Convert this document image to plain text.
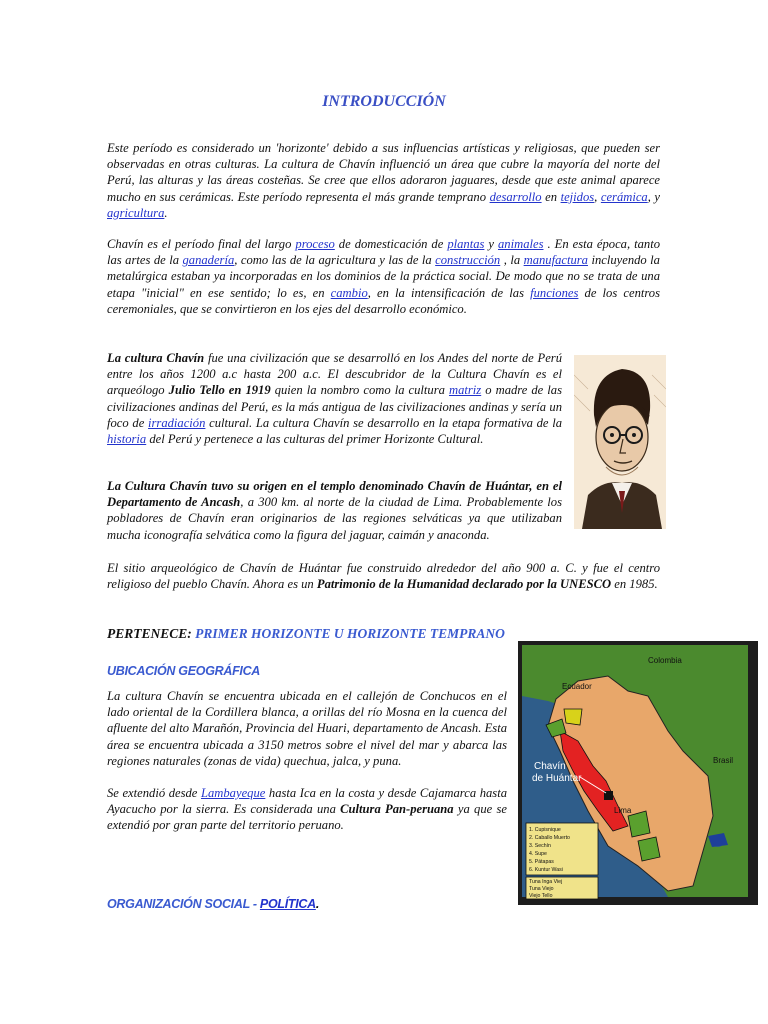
INTRODUCCIÓN
Este período es considerado un 'horizonte' debido a sus influencias artísticas y religiosas, que pueden ser observadas en otras culturas. La cultura de Chavín influenció un área que cubre la mayoría del norte del Perú, las alturas y las áreas costeñas. Se cree que ellos adoraron jaguares, desde que este animal aparece mucho en sus cerámicas. Este período representa el más grande temprano desarrollo en tejidos, cerámica, y agricultura.
Chavín es el período final del largo proceso de domesticación de plantas y animales . En esta época, tanto las artes de la ganadería, como las de la agricultura y las de la construcción , la manufactura incluyendo la metalúrgica estaban ya incorporadas en los dominios de la práctica social. De modo que no se trata de una etapa "inicial" en ese sentido; lo es, en cambio, en la intensificación de las funciones de los centros ceremoniales, que se convirtieron en los ejes del desarrollo económico.
La cultura Chavín fue una civilización que se desarrolló en los Andes del norte de Perú entre los años 1200 a.c hasta 200 a.c. El descubridor de la Cultura Chavín es el arqueólogo Julio Tello en 1919 quien la nombro como la cultura matriz o madre de las civilizaciones andinas del Perú, es la más antigua de las civilizaciones andinas y sería un foco de irradiación cultural. La cultura Chavín se desarrollo en la etapa formativa de la historia del Perú y pertenece a las culturas del primer Horizonte Cultural.
La Cultura Chavín tuvo su origen en el templo denominado Chavín de Huántar, en el Departamento de Ancash, a 300 km. al norte de la ciudad de Lima. Probablemente los pobladores de Chavín eran originarios de las regiones selváticas ya que utilizaban mucha iconografía selvática como la figura del jaguar, caimán y anaconda.
El sitio arqueológico de Chavín de Huántar fue construido alrededor del año 900 a. C. y fue el centro religioso del pueblo Chavín. Ahora es un Patrimonio de la Humanidad declarado por la UNESCO en 1985.
PERTENECE: PRIMER HORIZONTE U HORIZONTE TEMPRANO
UBICACIÓN GEOGRÁFICA
La cultura Chavín se encuentra ubicada en el callejón de Conchucos en el lado oriental de la Cordillera blanca, a orillas del río Mosna en la cuenca del afluente del alto Marañón, Provincia del Huari, departamento de Ancash. Esta área se encuentra ubicada a 3150 metros sobre el nivel del mar y abarca las regiones naturales (zonas de vida) quechua, jalca, y puna.
Se extendió desde Lambayeque hasta Ica en la costa y desde Cajamarca hasta Ayacucho por la sierra. Es considerada una Cultura Pan-peruana ya que se extendió por gran parte del territorio peruano.
ORGANIZACIÓN SOCIAL - POLÍTICA.
1. Cupisnique
2. Caballo Muerto
3. Sechín
4. Supe
5. Pátapas
6. Kuntur Wasi
Tuna Inga Viej
Tuna Viejo
Viejo Tello
Colombia
Ecuador
Brasil
Lima
Chavín
de Huántar
